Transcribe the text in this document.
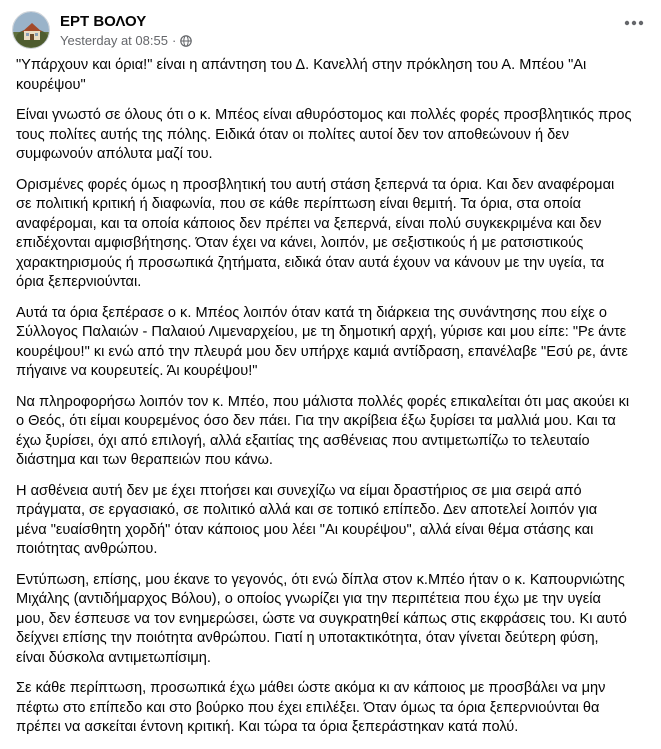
ΕΡΤ ΒΟΛΟΥ
Yesterday at 08:55 ·

"Υπάρχουν και όρια!" είναι η απάντηση του Δ. Κανελλή στην πρόκληση του Α. Μπέου "Αι
κουρέψου"

Είναι γνωστό σε όλους ότι ο κ. Μπέος είναι αθυρόστομος και πολλές φορές προσβλητικός προς
τους πολίτες αυτής της πόλης. Ειδικά όταν οι πολίτες αυτοί δεν τον αποθεώνουν ή δεν
συμφωνούν απόλυτα μαζί του.

Ορισμένες φορές όμως η προσβλητική του αυτή στάση ξεπερνά τα όρια. Και δεν αναφέρομαι
σε πολιτική κριτική ή διαφωνία, που σε κάθε περίπτωση είναι θεμιτή. Τα όρια, στα οποία
αναφέρομαι, και τα οποία κάποιος δεν πρέπει να ξεπερνά, είναι πολύ συγκεκριμένα και δεν
επιδέχονται αμφισβήτησης. Όταν έχει να κάνει, λοιπόν, με σεξιστικούς ή με ρατσιστικούς
χαρακτηρισμούς ή προσωπικά ζητήματα, ειδικά όταν αυτά έχουν να κάνουν με την υγεία, τα
όρια ξεπερνιούνται.

Αυτά τα όρια ξεπέρασε ο κ. Μπέος λοιπόν όταν κατά τη διάρκεια της συνάντησης που είχε ο
Σύλλογος Παλαιών - Παλαιού Λιμεναρχείου, με τη δημοτική αρχή, γύρισε και μου είπε: "Ρε άντε
κουρέψου!" κι ενώ από την πλευρά μου δεν υπήρχε καμιά αντίδραση, επανέλαβε "Εσύ ρε, άντε
πήγαινε να κουρευτείς. Άι κουρέψου!"

Να πληροφορήσω λοιπόν τον κ. Μπέο, που μάλιστα πολλές φορές επικαλείται ότι μας ακούει κι
ο Θεός, ότι είμαι κουρεμένος όσο δεν πάει. Για την ακρίβεια έξω ξυρίσει τα μαλλιά μου. Και τα
έχω ξυρίσει, όχι από επιλογή, αλλά εξαιτίας της ασθένειας που αντιμετωπίζω το τελευταίο
διάστημα και των θεραπειών που κάνω.

Η ασθένεια αυτή δεν με έχει πτοήσει και συνεχίζω να είμαι δραστήριος σε μια σειρά από
πράγματα, σε εργασιακό, σε πολιτικό αλλά και σε τοπικό επίπεδο. Δεν αποτελεί λοιπόν για
μένα "ευαίσθητη χορδή" όταν κάποιος μου λέει "Αι κουρέψου", αλλά είναι θέμα στάσης και
ποιότητας ανθρώπου.

Εντύπωση, επίσης, μου έκανε το γεγονός, ότι ενώ δίπλα στον κ.Μπέο ήταν ο κ. Καπουρνιώτης
Μιχάλης (αντιδήμαρχος Βόλου), ο οποίος γνωρίζει για την περιπέτεια που έχω με την υγεία
μου, δεν έσπευσε να τον ενημερώσει, ώστε να συγκρατηθεί κάπως στις εκφράσεις του. Κι αυτό
δείχνει επίσης την ποιότητα ανθρώπου. Γιατί η υποτακτικότητα, όταν γίνεται δεύτερη φύση,
είναι δύσκολα αντιμετωπίσιμη.

Σε κάθε περίπτωση, προσωπικά έχω μάθει ώστε ακόμα κι αν κάποιος με προσβάλει να μην
πέφτω στο επίπεδο και στο βούρκο που έχει επιλέξει. Όταν όμως τα όρια ξεπερνιούνται θα
πρέπει να ασκείται έντονη κριτική. Και τώρα τα όρια ξεπεράστηκαν κατά πολύ.
